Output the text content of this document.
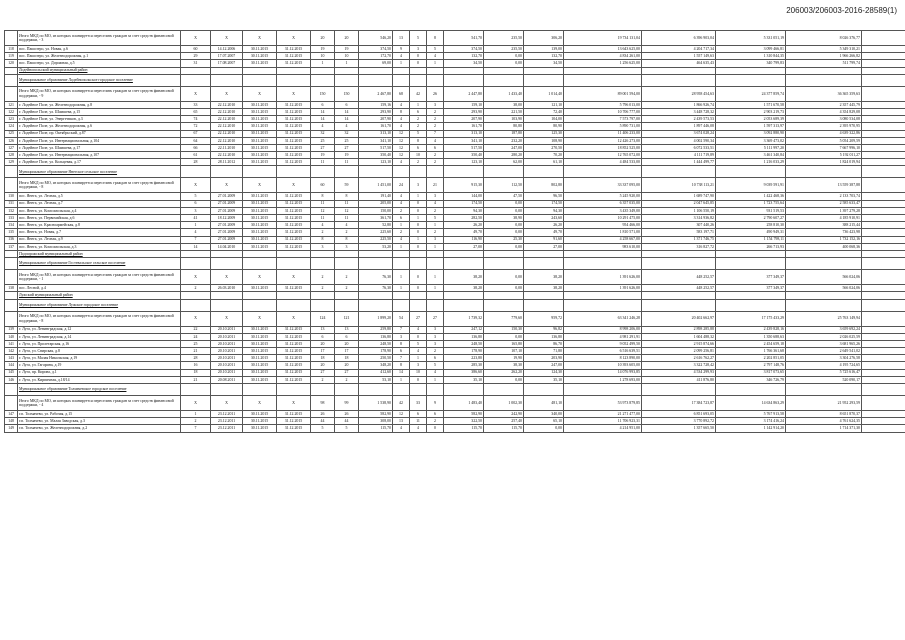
206003/206003-2016-28589(1)
	Итого МКД по МО, из которых планируется переселить граждан за счет средств финансовой поддержки, - 3	X	X	X	X	20	20	546,20	13	5	8	541,70	235,50	306,20	19 734 131,04	6 396 903,04	5 331 051,19	8 026 376,77	
118	пос. Пашозеро, ул. Новая, д.6	60	14.12.2006	30.11.2015	31.12.2015	19	19	374,50	9	3	5	374,50	235,50	139,00	13 643 625,00	4 204 717,34	3 099 466,81	5 349 310,21	
119	пос. Пашозеро, ул. Железнодорожная, д.1	29	17.07.2007	30.11.2015	31.12.2015	10	10	172,70	4	0	4	132,70	0,00	132,70	4 834 261,00	1 557 149,63	1 310 844,35	1 966 266,82	
120	пос. Пашозеро, ул. Дорожная, д.5	31	17.08.2007	30.11.2015	31.12.2015	1	1	69,00	1	0	1	34,50	0,00	34,50	1 256 625,00	464 635,43	340 799,83	511 799,74	
	Лодейнопольский муниципальный район																		
	Муниципальное образование Лодейнопольское городское поселение																		
	Итого МКД по МО, из которых планируется переселить граждан за счет средств финансовой поддержки, - 9	X	X	X	X	150	150	2 467,80	68	42	26	2 447,80	1 433,40	1 014,40	89 001 594,00	28 958 454,63	24 377 859,74	36 365 359,63	
121	г. Лодейное Поле, ул. Железнодорожная, д.8	33	22.12.2010	30.11.2015	31.12.2015	6	6	159,16	4	1	3	159,10	38,00	121,10	5 796 013,00	1 866 926,74	1 571 670,58	2 357 445,79	
122	г. Лодейное Поле, ул. Шамшева, д.15	65	22.12.2010	30.11.2015	31.12.2015	14	14	293,90	8	6	2	293,90	221,50	72,40	10 706 777,00	3 448 728,32	2 903 219,73	4 354 829,08	
123	г. Лодейное Поле, ул. Энергетиков, д.3	74	22.12.2010	30.11.2015	31.12.2015	14	14	207,90	4	2	2	207,90	103,90	104,00	7 573 797,00	2 439 573,53	2 053 689,39	3 080 534,08	
124	г. Лодейное Поле, ул. Железнодорожная, д.6	72	22.12.2010	30.11.2015	31.12.2015	4	4	161,70	4	2	2	161,70	80,80	80,90	5 890 731,00	1 897 446,08	1 597 313,97	2 395 970,95	
125	г. Лодейное Поле, пр. Октябрьский, д.87	67	22.12.2010	30.11.2015	31.12.2015	32	32	313,10	12	5	7	313,10	187,80	125,30	11 406 233,00	3 674 028,24	3 092 880,90	4 639 322,86	
126	г. Лодейное Поле, ул. Интернациональная, д.104	64	22.12.2010	30.11.2015	31.12.2015	25	25	341,10	12	8	4	341,10	232,20	108,90	12 426 273,00	4 002 590,34	3 369 473,02	5 054 209,59	
127	г. Лодейное Поле, ул. Шамшева, д.17	66	22.11.2010	30.11.2015	31.12.2015	27	27	517,50	12	6	6	517,50	247,00	270,50	18 852 525,00	6 072 533,51	5 111 997,20	7 667 996,10	
128	г. Лодейное Поле, ул. Интернациональная, д.107	61	22.12.2010	30.11.2015	31.12.2015	19	19	350,40	12	10	2	350,40	280,20	70,20	12 765 072,00	4 111 719,89	3 461 340,84	5 192 011,27	
129	г. Лодейное Поле, ул. Кольцевая, д.17	28	28.11.2012	30.11.2015	31.12.2015	11	11	123,10	4	2	2	123,10	62,00	61,10	4 484 533,00	1 444 499,77	1 216 033,29	1 824 019,94	
	Муниципальное образование Янегское сельское поселение																		
	Итого МКД по МО, из которых планируется переселить граждан за счет средств финансовой поддержки, - 8	X	X	X	X	60	59	1 451,00	24	3	21	915,30	112,50	802,80	33 337 095,00	10 738 113,21	9 039 591,91	13 559 387,88	
130	пос. Янега, ул. Лесная, д.5	5	27.01.2009	30.11.2015	31.12.2015	8	8	191,40	4	1	3	144,00	47,50	96,50	5 245 920,00	1 689 747,90	1 422 468,36	2 133 703,74	
131	пос. Янега, ул. Лесная, д.7	6	27.01.2009	30.11.2015	31.12.2015	11	11	205,00	4	0	4	174,50	0,00	174,50	6 357 035,00	2 047 645,85	1 723 755,64	2 585 633,47	
132	пос. Янега, ул. Комсомольская, д.4	3	27.01.2009	30.11.2015	31.12.2015	12	12	150,00	2	0	2	94,30	0,00	94,30	3 435 349,00	1 106 550,19	931 519,53	1 397 279,28	
133	пос. Янега, ул. Первомайская, д.6	41	18.12.2009	30.11.2015	31.12.2015	11	11	361,70	6	1	5	282,50	38,90	243,60	10 291 475,00	3 314 936,82	2 790 607,27	4 185 910,91	
134	пос. Янега, ул. Красноармейская, д.8	1	27.01.2009	30.11.2015	31.12.2015	4	4	52,80	1	0	1	26,20	0,00	26,20	954 466,00	307 440,26	258 810,30	388 215,44	
135	пос. Янега, ул. Новая, д.7	4	27.01.2009	30.11.2015	31.12.2015	2	2	225,60	2	0	2	49,70	0,00	49,70	1 810 571,00	583 197,71	490 949,31	736 423,98	
136	пос. Янега, ул. Лесная, д.9	7	27.01.2009	30.11.2015	31.12.2015	8	8	225,50	4	1	3	116,90	25,30	91,60	4 258 667,00	1 371 746,75	1 154 798,11	1 732 152,16	
137	пос. Янега, ул. Комсомольская, д.3	14	14.04.2010	30.11.2015	31.12.2015	3	3	53,20	1	0	1	27,00	0,00	27,00	983 610,00	316 827,72	266 713,93	400 068,36	
	Подпорожский муниципальный район																		
	Муниципальное образование Гостевальское сельское поселение																		
	Итого МКД по МО, из которых планируется переселить граждан за счет средств финансовой поддержки, - 1	X	X	X	X	2	2	76,30	1	0	1	38,20	0,00	38,20	1 391 626,00	448 252,57	377 349,37	566 024,06	
138	пос. Лесной, д.4	2	26.03.2010	30.11.2015	31.12.2015	2	2	76,30	1	0	1	38,20	0,00	38,20	1 391 626,00	448 252,57	377 349,37	566 024,06	
	Лужский муниципальный район																		
	Муниципальное образование Лужское городское поселение																		
	Итого МКД по МО, из которых планируется переселить граждан за счет средств финансовой поддержки, - 8	X	X	X	X	124	121	1 899,20	54	27	27	1 739,32	779,60	959,72	63 341 246,28	20 402 662,97	17 175 433,29	25 763 149,94	
139	г. Луга, ул. Ленинградская, д.12	22	20.10.2011	30.11.2015	31.12.2015	13	13	259,80	7	4	3	247,12	150,30	96,82	8 998 206,00	2 898 285,88	2 439 828,16	3 659 692,24	
140	г. Луга, ул. Ленинградская, д.14	24	20.10.2011	30.11.2015	31.12.2015	6	6	136,80	3	0	3	136,80	0,00	136,80	4 981 291,91	1 604 488,32	1 350 688,63	2 026 025,59	
141	г. Луга, ул. Пролетарская, д.16	25	20.10.2011	30.11.2015	31.12.2015	20	20	248,50	8	5	3	248,50	165,80	86,70	9 052 499,50	2 915 874,66	2 454 659,18	3 681 965,26	
142	г. Луга, ул. Свирская, д.8	21	20.10.2011	30.11.2015	31.12.2015	17	17	178,90	6	4	2	178,90	107,10	71,80	6 516 639,51	2 099 256,81	1 766 361,68	2 649 541,02	
143	г. Луга, ул. Малая Никольская, д.19	28	20.10.2011	30.11.2015	31.12.2015	18	18	250,50	7	1	6	223,80	19,90	203,90	8 123 890,00	2 616 762,27	2 202 851,05	3 304 276,58	
144	г. Луга, ул. Гагарина, д.19	16	20.10.2011	30.11.2015	31.12.2015	20	20	348,20	8	3	5	285,30	38,30	247,00	10 393 605,00	3 322 728,42	2 797 148,76	4 195 724,65	
145	г. Луга, пр. Кирова, д.1	18	20.10.2011	30.11.2015	31.12.2015	27	27	412,60	14	10	4	386,60	262,20	124,30	14 076 993,85	4 534 299,93	3 817 073,65	5 725 616,47	
146	г. Луга, ул. Кирпичная, д.18/14	21	20.08.2011	30.11.2015	31.12.2015	2	2	53,10	1	0	1	35,10	0,00	35,10	1 278 693,00	411 876,80	346 726,79	520 090,17	
	Муниципальное образование Толмачевское городское поселение																		
	Итого МКД по МО, из которых планируется переселить граждан за счет средств финансовой поддержки, - 4	X	X	X	X	98	99	1 538,90	42	33	9	1 483,40	1 002,30	481,10	53 973 879,85	17 384 723,87	14 634 863,29	21 952 293,59	
147	г.п. Толмачево, ул. Рабочая, д.15	1	23.12.2011	30.11.2015	31.12.2015	26	26	582,90	12	6	6	582,90	242,90	340,00	21 271 477,00	6 851 693,05	5 767 913,58	8 651 870,37	
148	г.п. Толмачево, ул. Малая Заводская, д.3	2	23.12.2011	30.11.2015	31.12.2015	44	44	308,00	13	11	2	322,50	257,40	65,10	11 706 923,31	3 770 892,72	3 174 416,24	4 761 624,35	
149	г.п. Толмачево, ул. Железнодорожная, д.2	7	23.12.2011	30.11.2015	31.12.2015	5	5	115,70	4	4	0	115,70	115,70	0,00	4 214 951,00	1 357 665,50	1 142 914,20	1 714 371,30	
